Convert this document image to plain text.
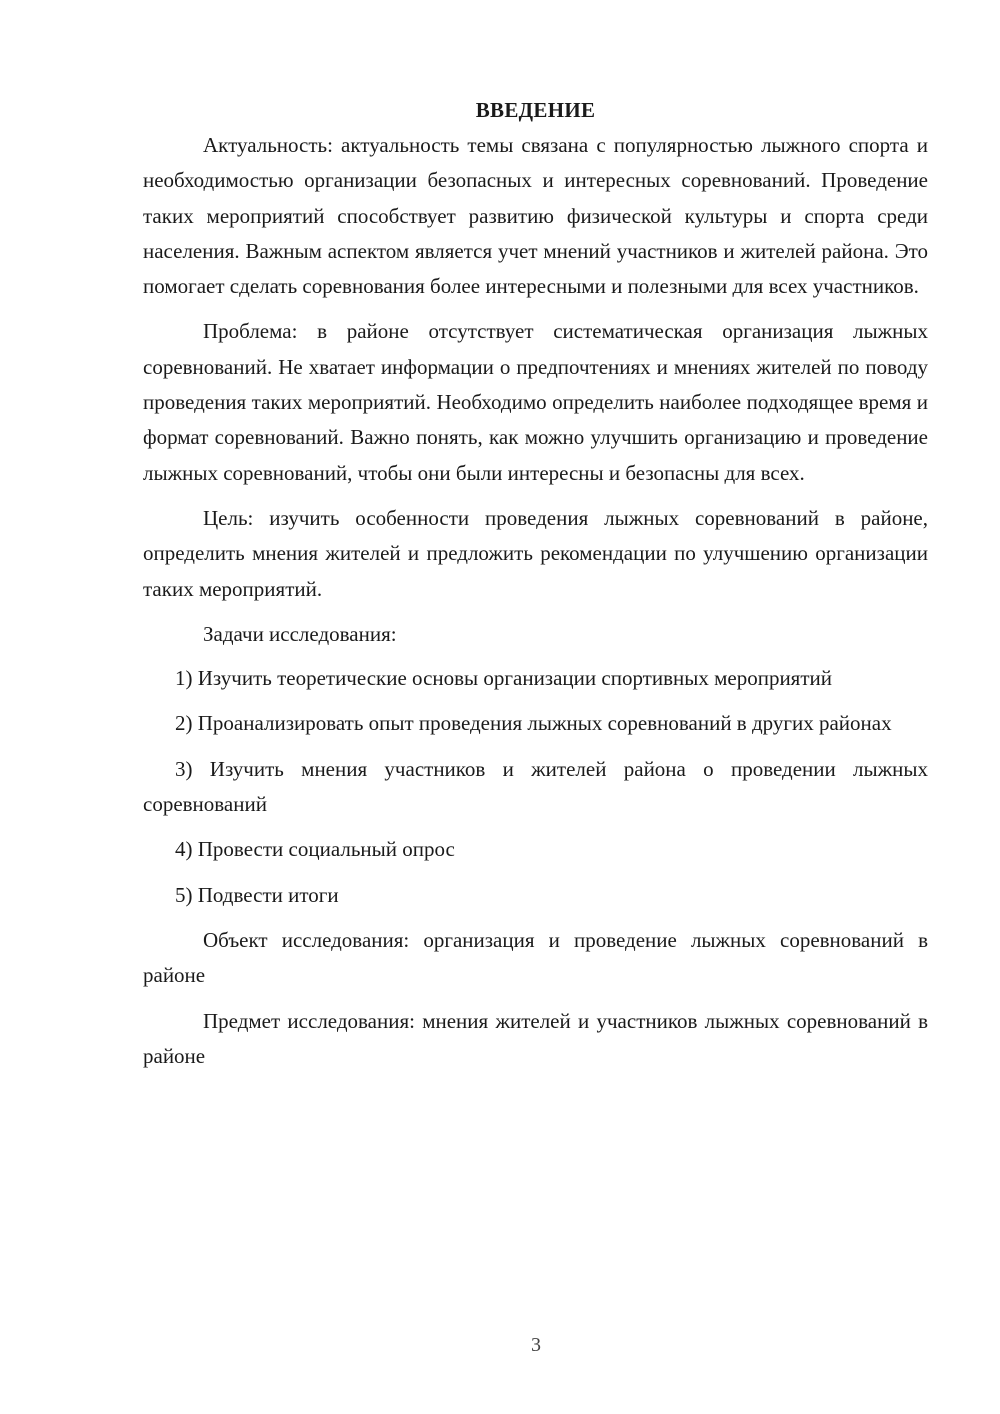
ВВЕДЕНИЕ
Актуальность: актуальность темы связана с популярностью лыжного спорта и необходимостью организации безопасных и интересных соревнований. Проведение таких мероприятий способствует развитию физической культуры и спорта среди населения. Важным аспектом является учет мнений участников и жителей района. Это помогает сделать соревнования более интересными и полезными для всех участников.
Проблема: в районе отсутствует систематическая организация лыжных соревнований. Не хватает информации о предпочтениях и мнениях жителей по поводу проведения таких мероприятий. Необходимо определить наиболее подходящее время и формат соревнований. Важно понять, как можно улучшить организацию и проведение лыжных соревнований, чтобы они были интересны и безопасны для всех.
Цель: изучить особенности проведения лыжных соревнований в районе, определить мнения жителей и предложить рекомендации по улучшению организации таких мероприятий.
Задачи исследования:
1) Изучить теоретические основы организации спортивных мероприятий
2) Проанализировать опыт проведения лыжных соревнований в других районах
3) Изучить мнения участников и жителей района о проведении лыжных соревнований
4) Провести социальный опрос
5) Подвести итоги
Объект исследования: организация и проведение лыжных соревнований в районе
Предмет исследования: мнения жителей и участников лыжных соревнований в районе
3
